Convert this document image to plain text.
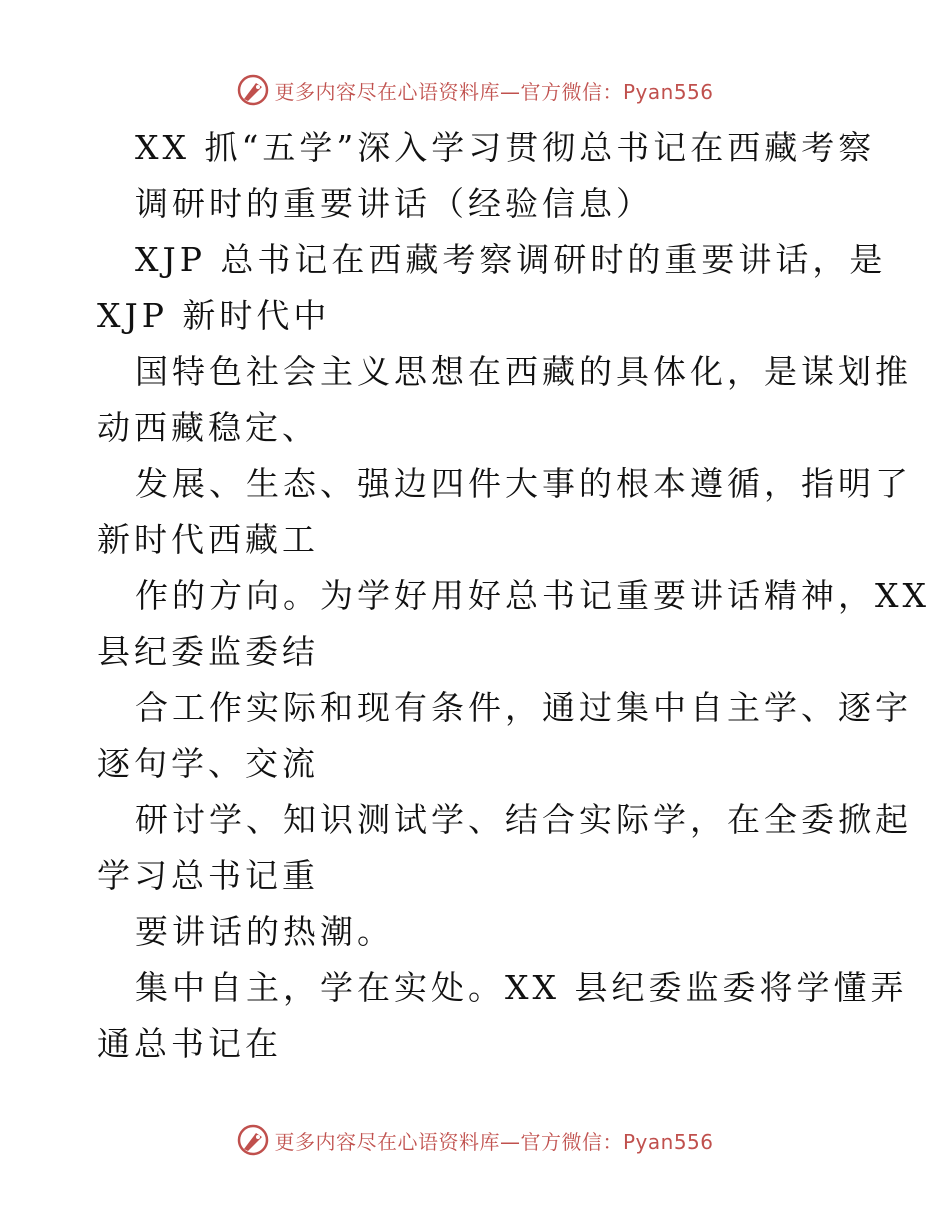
更多内容尽在心语资料库—官方微信：Pyan556
XX 抓“五学”深入学习贯彻总书记在西藏考察
调研时的重要讲话（经验信息）
XJP 总书记在西藏考察调研时的重要讲话，是
XJP 新时代中
国特色社会主义思想在西藏的具体化，是谋划推
动西藏稳定、
发展、生态、强边四件大事的根本遵循，指明了
新时代西藏工
作的方向。为学好用好总书记重要讲话精神，XX
县纪委监委结
合工作实际和现有条件，通过集中自主学、逐字
逐句学、交流
研讨学、知识测试学、结合实际学，在全委掀起
学习总书记重
要讲话的热潮。
集中自主，学在实处。XX 县纪委监委将学懂弄
通总书记在
更多内容尽在心语资料库—官方微信：Pyan556
